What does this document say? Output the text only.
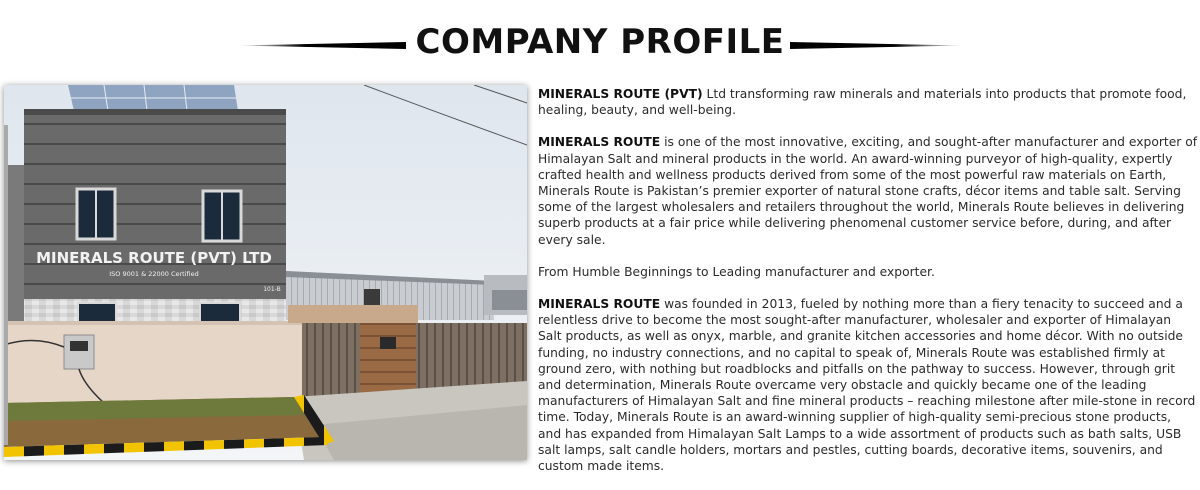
COMPANY PROFILE
MINERALS ROUTE (PVT) LTD
ISO 9001 & 22000 Certified
101-B

MINERALS ROUTE (PVT) Ltd transforming raw minerals and materials into products that promote food, healing, beauty, and well-being.

MINERALS ROUTE is one of the most innovative, exciting, and sought-after manufacturer and exporter of Himalayan Salt and mineral products in the world. An award-winning purveyor of high-quality, expertly crafted health and wellness products derived from some of the most powerful raw materials on Earth, Minerals Route is Pakistan’s premier exporter of natural stone crafts, décor items and table salt. Serving some of the largest wholesalers and retailers throughout the world, Minerals Route believes in delivering superb products at a fair price while delivering phenomenal customer service before, during, and after every sale.

From Humble Beginnings to Leading manufacturer and exporter.

MINERALS ROUTE was founded in 2013, fueled by nothing more than a fiery tenacity to succeed and a relentless drive to become the most sought-after manufacturer, wholesaler and exporter of Himalayan Salt products, as well as onyx, marble, and granite kitchen accessories and home décor. With no outside funding, no industry connections, and no capital to speak of, Minerals Route was established firmly at ground zero, with nothing but roadblocks and pitfalls on the pathway to success. However, through grit and determination, Minerals Route overcame very obstacle and quickly became one of the leading manufacturers of Himalayan Salt and fine mineral products – reaching milestone after mile-stone in record time. Today, Minerals Route is an award-winning supplier of high-quality semi-precious stone products, and has expanded from Himalayan Salt Lamps to a wide assortment of products such as bath salts, USB salt lamps, salt candle holders, mortars and pestles, cutting boards, decorative items, souvenirs, and custom made items.
